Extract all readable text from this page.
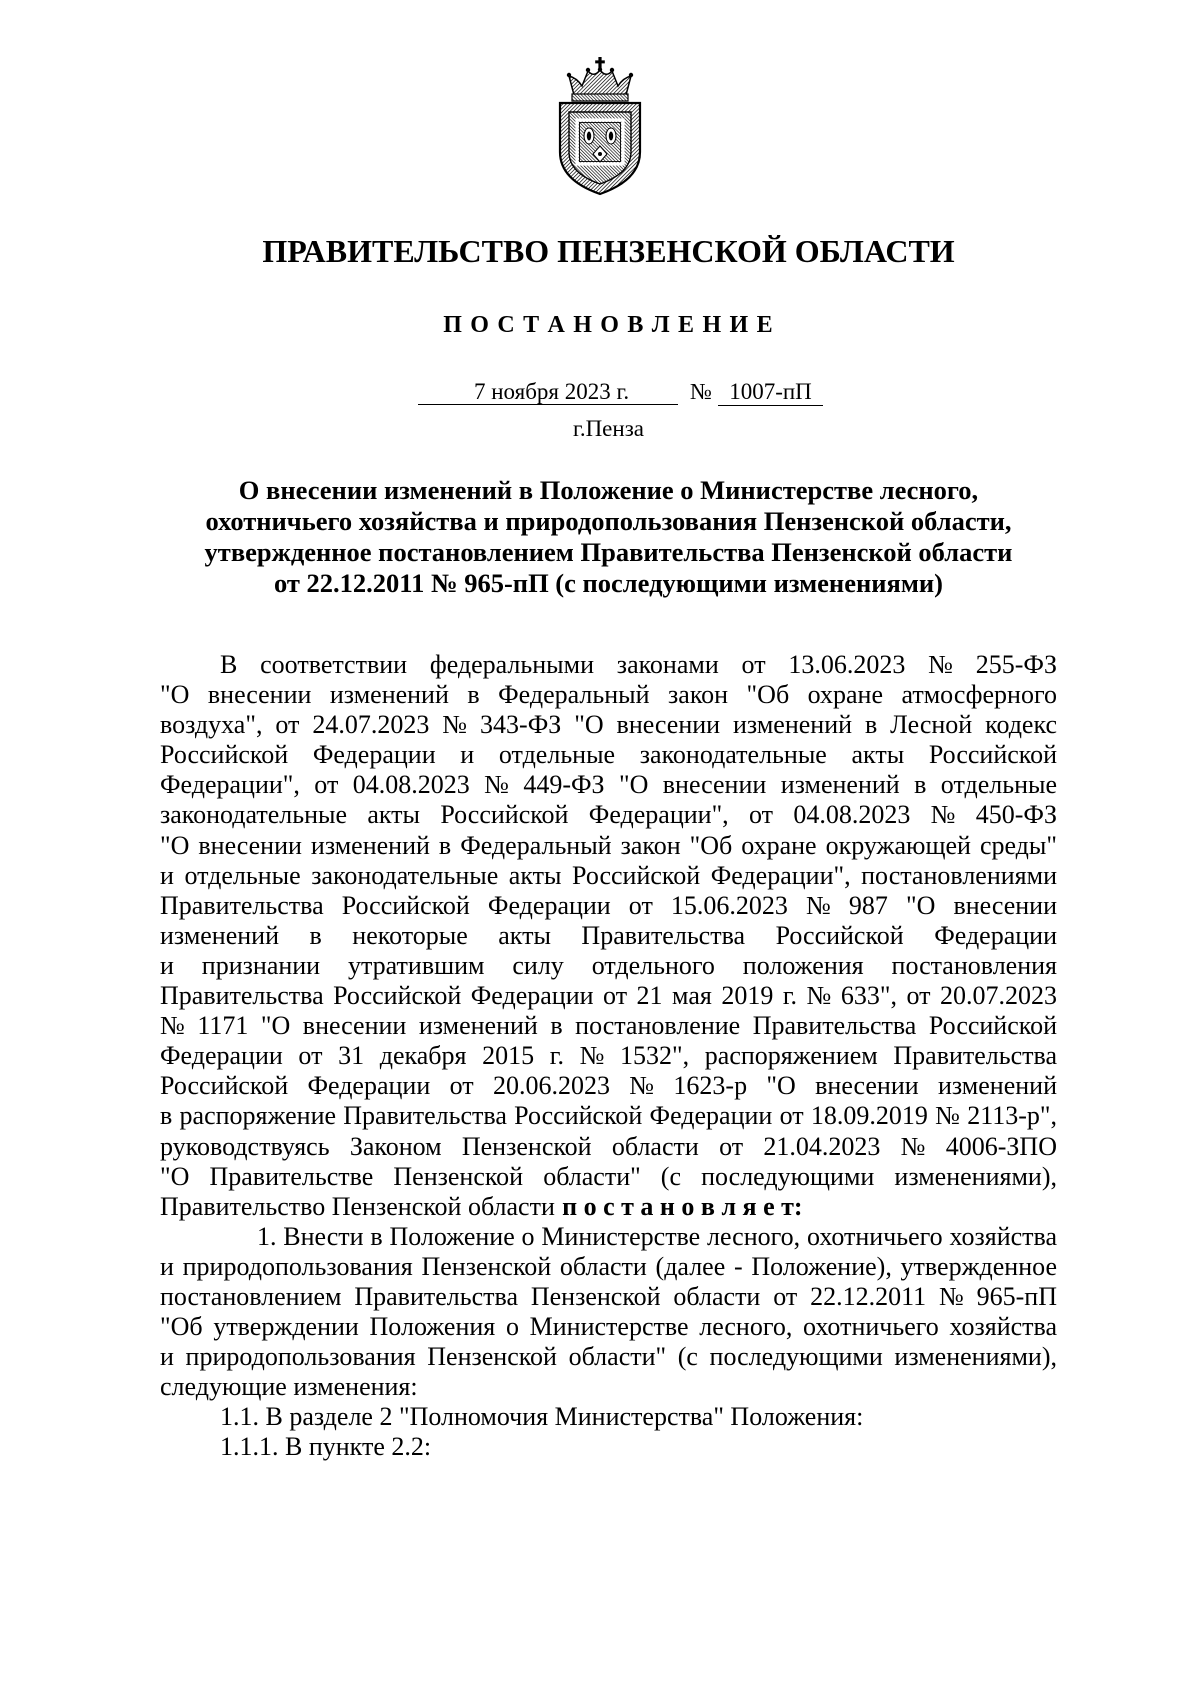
ПРАВИТЕЛЬСТВО ПЕНЗЕНСКОЙ ОБЛАСТИ
П О С Т А Н О В Л Е Н И Е
7 ноября 2023 г.	№ 1007-пП
г.Пенза
О внесении изменений в Положение о Министерстве лесного,
охотничьего хозяйства и природопользования Пензенской области,
утвержденное постановлением Правительства Пензенской области
от 22.12.2011 № 965-пП (с последующими изменениями)
В соответствии федеральными законами от 13.06.2023 № 255-ФЗ
"О внесении изменений в Федеральный закон "Об охране атмосферного
воздуха", от 24.07.2023 № 343-ФЗ "О внесении изменений в Лесной кодекс
Российской Федерации и отдельные законодательные акты Российской
Федерации", от 04.08.2023 № 449-ФЗ "О внесении изменений в отдельные
законодательные акты Российской Федерации", от 04.08.2023 № 450-ФЗ
"О внесении изменений в Федеральный закон "Об охране окружающей среды"
и отдельные законодательные акты Российской Федерации", постановлениями
Правительства Российской Федерации от 15.06.2023 № 987 "О внесении
изменений в некоторые акты Правительства Российской Федерации
и признании утратившим силу отдельного положения постановления
Правительства Российской Федерации от 21 мая 2019 г. № 633", от 20.07.2023
№ 1171 "О внесении изменений в постановление Правительства Российской
Федерации от 31 декабря 2015 г. № 1532", распоряжением Правительства
Российской Федерации от 20.06.2023 № 1623-р "О внесении изменений
в распоряжение Правительства Российской Федерации от 18.09.2019 № 2113-р",
руководствуясь Законом Пензенской области от 21.04.2023 № 4006-ЗПО
"О Правительстве Пензенской области" (с последующими изменениями),
Правительство Пензенской области п о с т а н о в л я е т:
1. Внести в Положение о Министерстве лесного, охотничьего хозяйства
и природопользования Пензенской области (далее - Положение), утвержденное
постановлением Правительства Пензенской области от 22.12.2011 № 965-пП
"Об утверждении Положения о Министерстве лесного, охотничьего хозяйства
и природопользования Пензенской области" (с последующими изменениями),
следующие изменения:
1.1. В разделе 2 "Полномочия Министерства" Положения:
1.1.1. В пункте 2.2:
